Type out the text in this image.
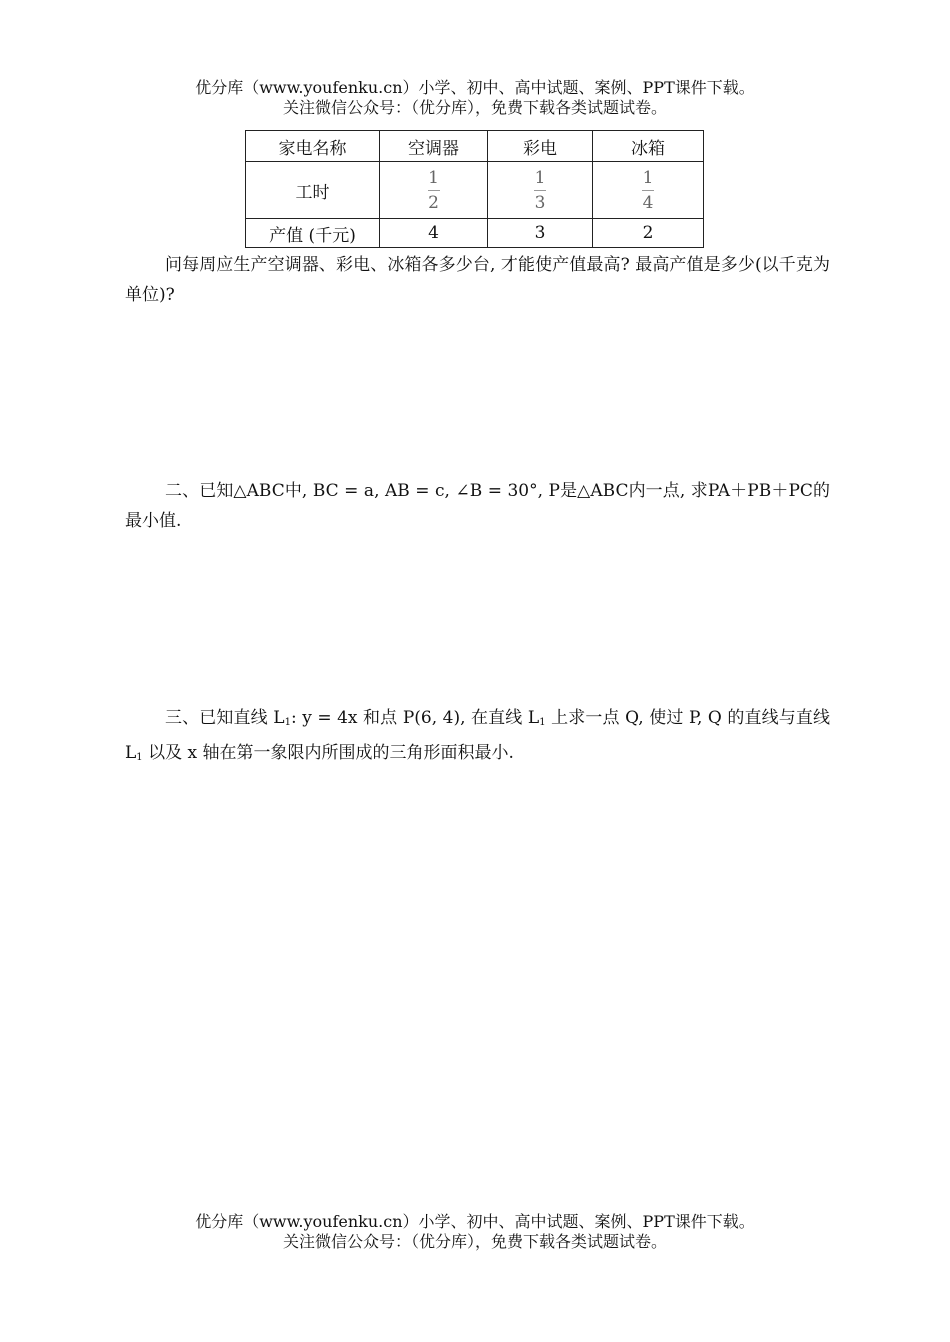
优分库（www.youfenku.cn）小学、初中、高中试题、案例、PPT课件下载。
关注微信公众号：（优分库），免费下载各类试题试卷。
家电名称	空调器	彩电	冰箱
工时	$\frac{1}{2}$	$\frac{1}{3}$	$\frac{1}{4}$

产值 (千元)	4	3	2
问每周应生产空调器、彩电、冰箱各多少台, 才能使产值最高? 最高产值是多少(以千克为单位)?
二、已知△ABC中, BC = a, AB = c, ∠B = 30°, P是△ABC内一点, 求PA＋PB＋PC的最小值.
三、已知直线 $L_1$: y = 4x 和点 P(6, 4), 在直线 $L_1$ 上求一点 Q, 使过 P, Q 的直线与直线 $L_1$ 以及 x 轴在第一象限内所围成的三角形面积最小.
优分库（www.youfenku.cn）小学、初中、高中试题、案例、PPT课件下载。
关注微信公众号：（优分库），免费下载各类试题试卷。
